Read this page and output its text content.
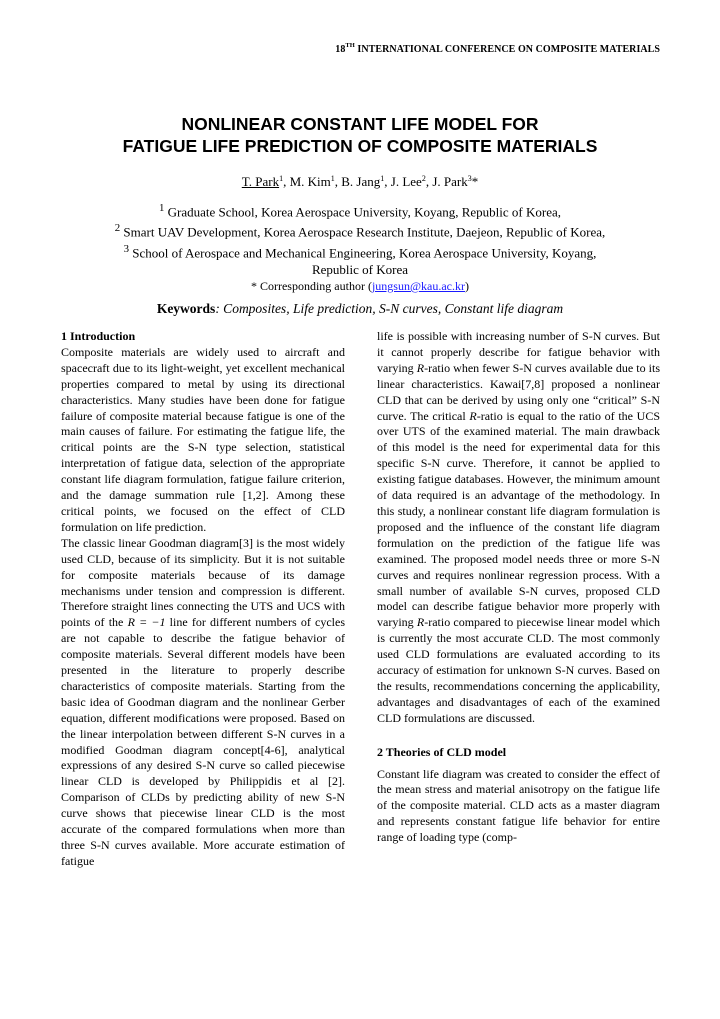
18TH INTERNATIONAL CONFERENCE ON COMPOSITE MATERIALS
NONLINEAR CONSTANT LIFE MODEL FOR
FATIGUE LIFE PREDICTION OF COMPOSITE MATERIALS
T. Park$^1$, M. Kim$^1$, B. Jang$^1$, J. Lee$^2$, J. Park$^3$*
$^1$ Graduate School, Korea Aerospace University, Koyang, Republic of Korea,
$^2$ Smart UAV Development, Korea Aerospace Research Institute, Daejeon, Republic of Korea,
$^3$ School of Aerospace and Mechanical Engineering, Korea Aerospace University, Koyang,
Republic of Korea
* Corresponding author (jungsun@kau.ac.kr)
Keywords: Composites, Life prediction, S-N curves, Constant life diagram

1 Introduction

Composite materials are widely used to aircraft and spacecraft due to its light-weight, yet excellent mechanical properties compared to metal by using its directional characteristics. Many studies have been done for fatigue failure of composite material because fatigue is one of the main causes of failure. For estimating the fatigue life, the critical points are the S-N type selection, statistical interpretation of fatigue data, selection of the appropriate constant life diagram formulation, fatigue failure criterion, and the damage summation rule [1,2]. Among these critical points, we focused on the effect of CLD formulation on life prediction.

The classic linear Goodman diagram[3] is the most widely used CLD, because of its simplicity. But it is not suitable for composite materials because of its damage mechanisms under tension and compression is different. Therefore straight lines connecting the UTS and UCS with points of the R = −1 line for different numbers of cycles are not capable to describe the fatigue behavior of composite materials. Several different models have been presented in the literature to properly describe characteristics of composite materials. Starting from the basic idea of Goodman diagram and the nonlinear Gerber equation, different modifications were proposed. Based on the linear interpolation between different S-N curves in a modified Goodman diagram concept[4-6], analytical expressions of any desired S-N curve so called piecewise linear CLD is developed by Philippidis et al [2]. Comparison of CLDs by predicting ability of new S-N curve shows that piecewise linear CLD is the most accurate of the compared formulations when more than three S-N curves available. More accurate estimation of fatigue

life is possible with increasing number of S-N curves. But it cannot properly describe for fatigue behavior with varying R-ratio when fewer S-N curves available due to its linear characteristics. Kawai[7,8] proposed a nonlinear CLD that can be derived by using only one “critical” S-N curve. The critical R-ratio is equal to the ratio of the UCS over UTS of the examined material. The main drawback of this model is the need for experimental data for this specific S-N curve. Therefore, it cannot be applied to existing fatigue databases. However, the minimum amount of data required is an advantage of the methodology. In this study, a nonlinear constant life diagram formulation is proposed and the influence of the constant life diagram formulation on the prediction of the fatigue life was examined. The proposed model needs three or more S-N curves and requires nonlinear regression process. With a small number of available S-N curves, proposed CLD model can describe fatigue behavior more properly with varying R-ratio compared to piecewise linear model which is currently the most accurate CLD. The most commonly used CLD formulations are evaluated according to its accuracy of estimation for unknown S-N curves. Based on the results, recommendations concerning the applicability, advantages and disadvantages of each of the examined CLD formulations are discussed.

2 Theories of CLD model

Constant life diagram was created to consider the effect of the mean stress and material anisotropy on the fatigue life of the composite material. CLD acts as a master diagram and represents constant fatigue life behavior for entire range of loading type (comp-
